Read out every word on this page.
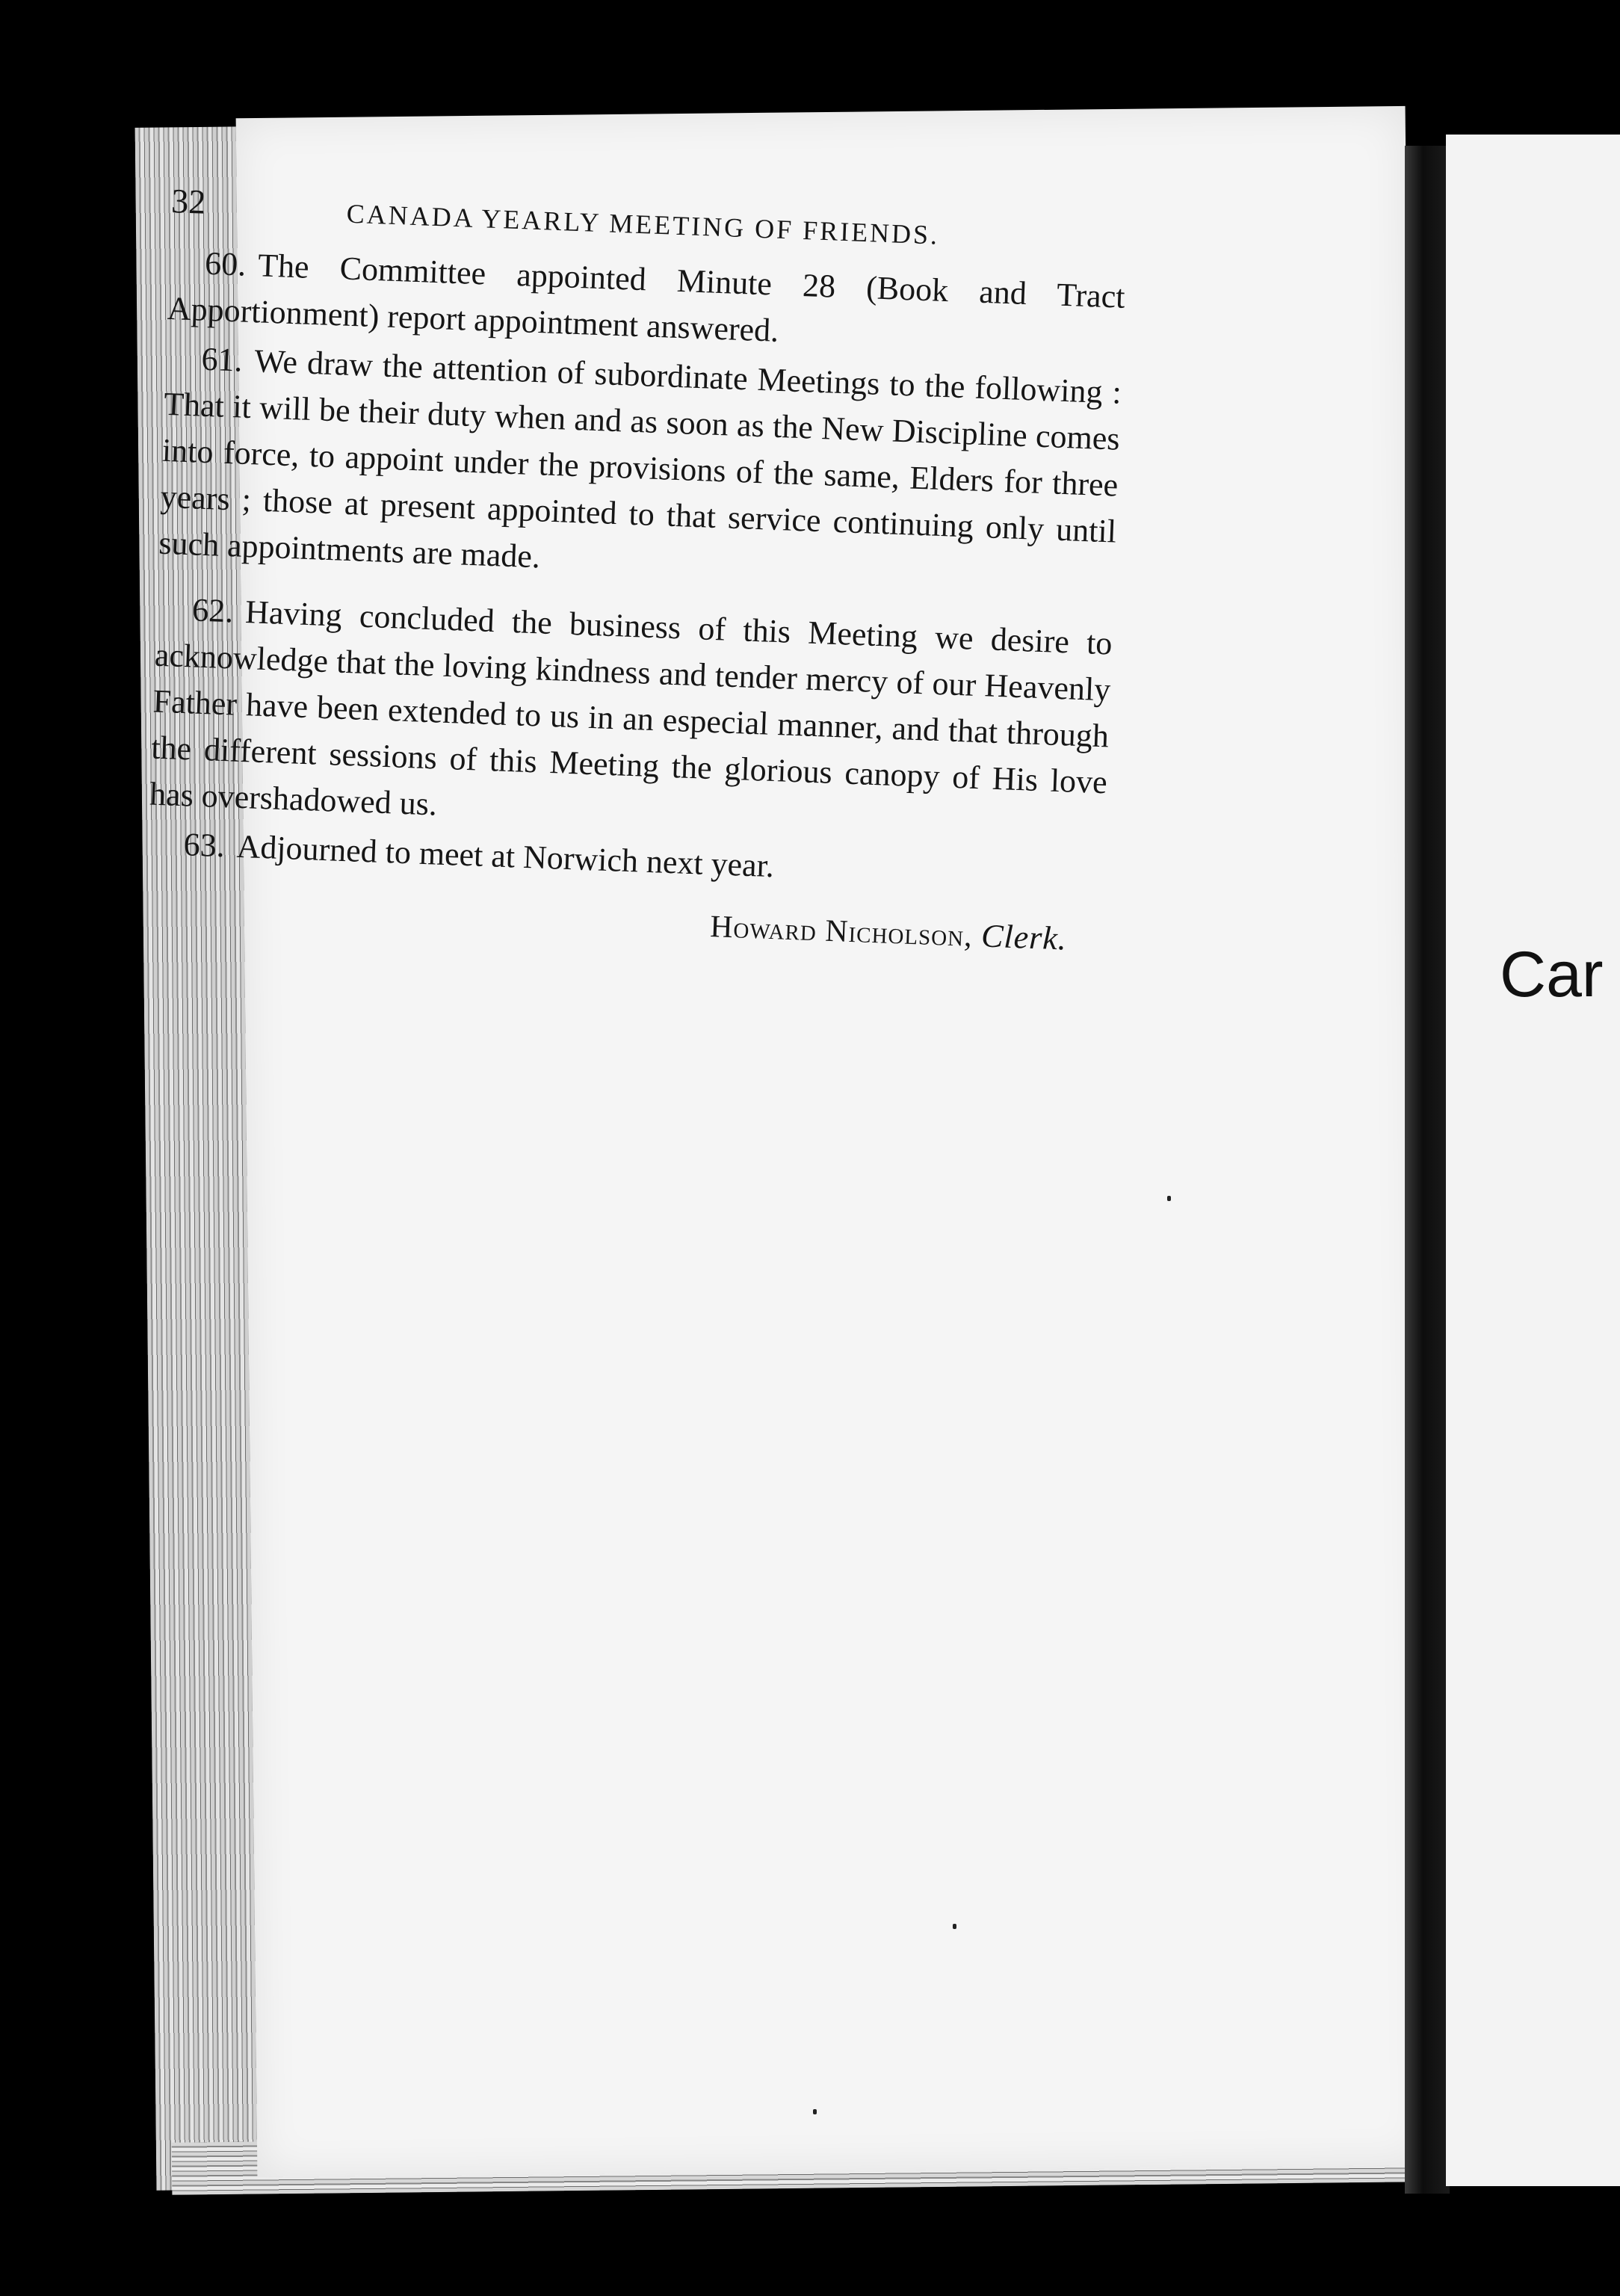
Car
32	CANADA YEARLY MEETING OF FRIENDS.

60. The Committee appointed Minute 28 (Book and Tract Apportionment) report appointment answered.

61. We draw the attention of subordinate Meetings to the following : That it will be their duty when and as soon as the New Discipline comes into force, to appoint under the provisions of the same, Elders for three years ; those at present appointed to that service continuing only until such appointments are made.

62. Having concluded the business of this Meeting we desire to acknowledge that the loving kindness and tender mercy of our Heavenly Father have been extended to us in an especial manner, and that through the different sessions of this Meeting the glorious canopy of His love has overshadowed us.

63. Adjourned to meet at Norwich next year.

Howard Nicholson, Clerk.
